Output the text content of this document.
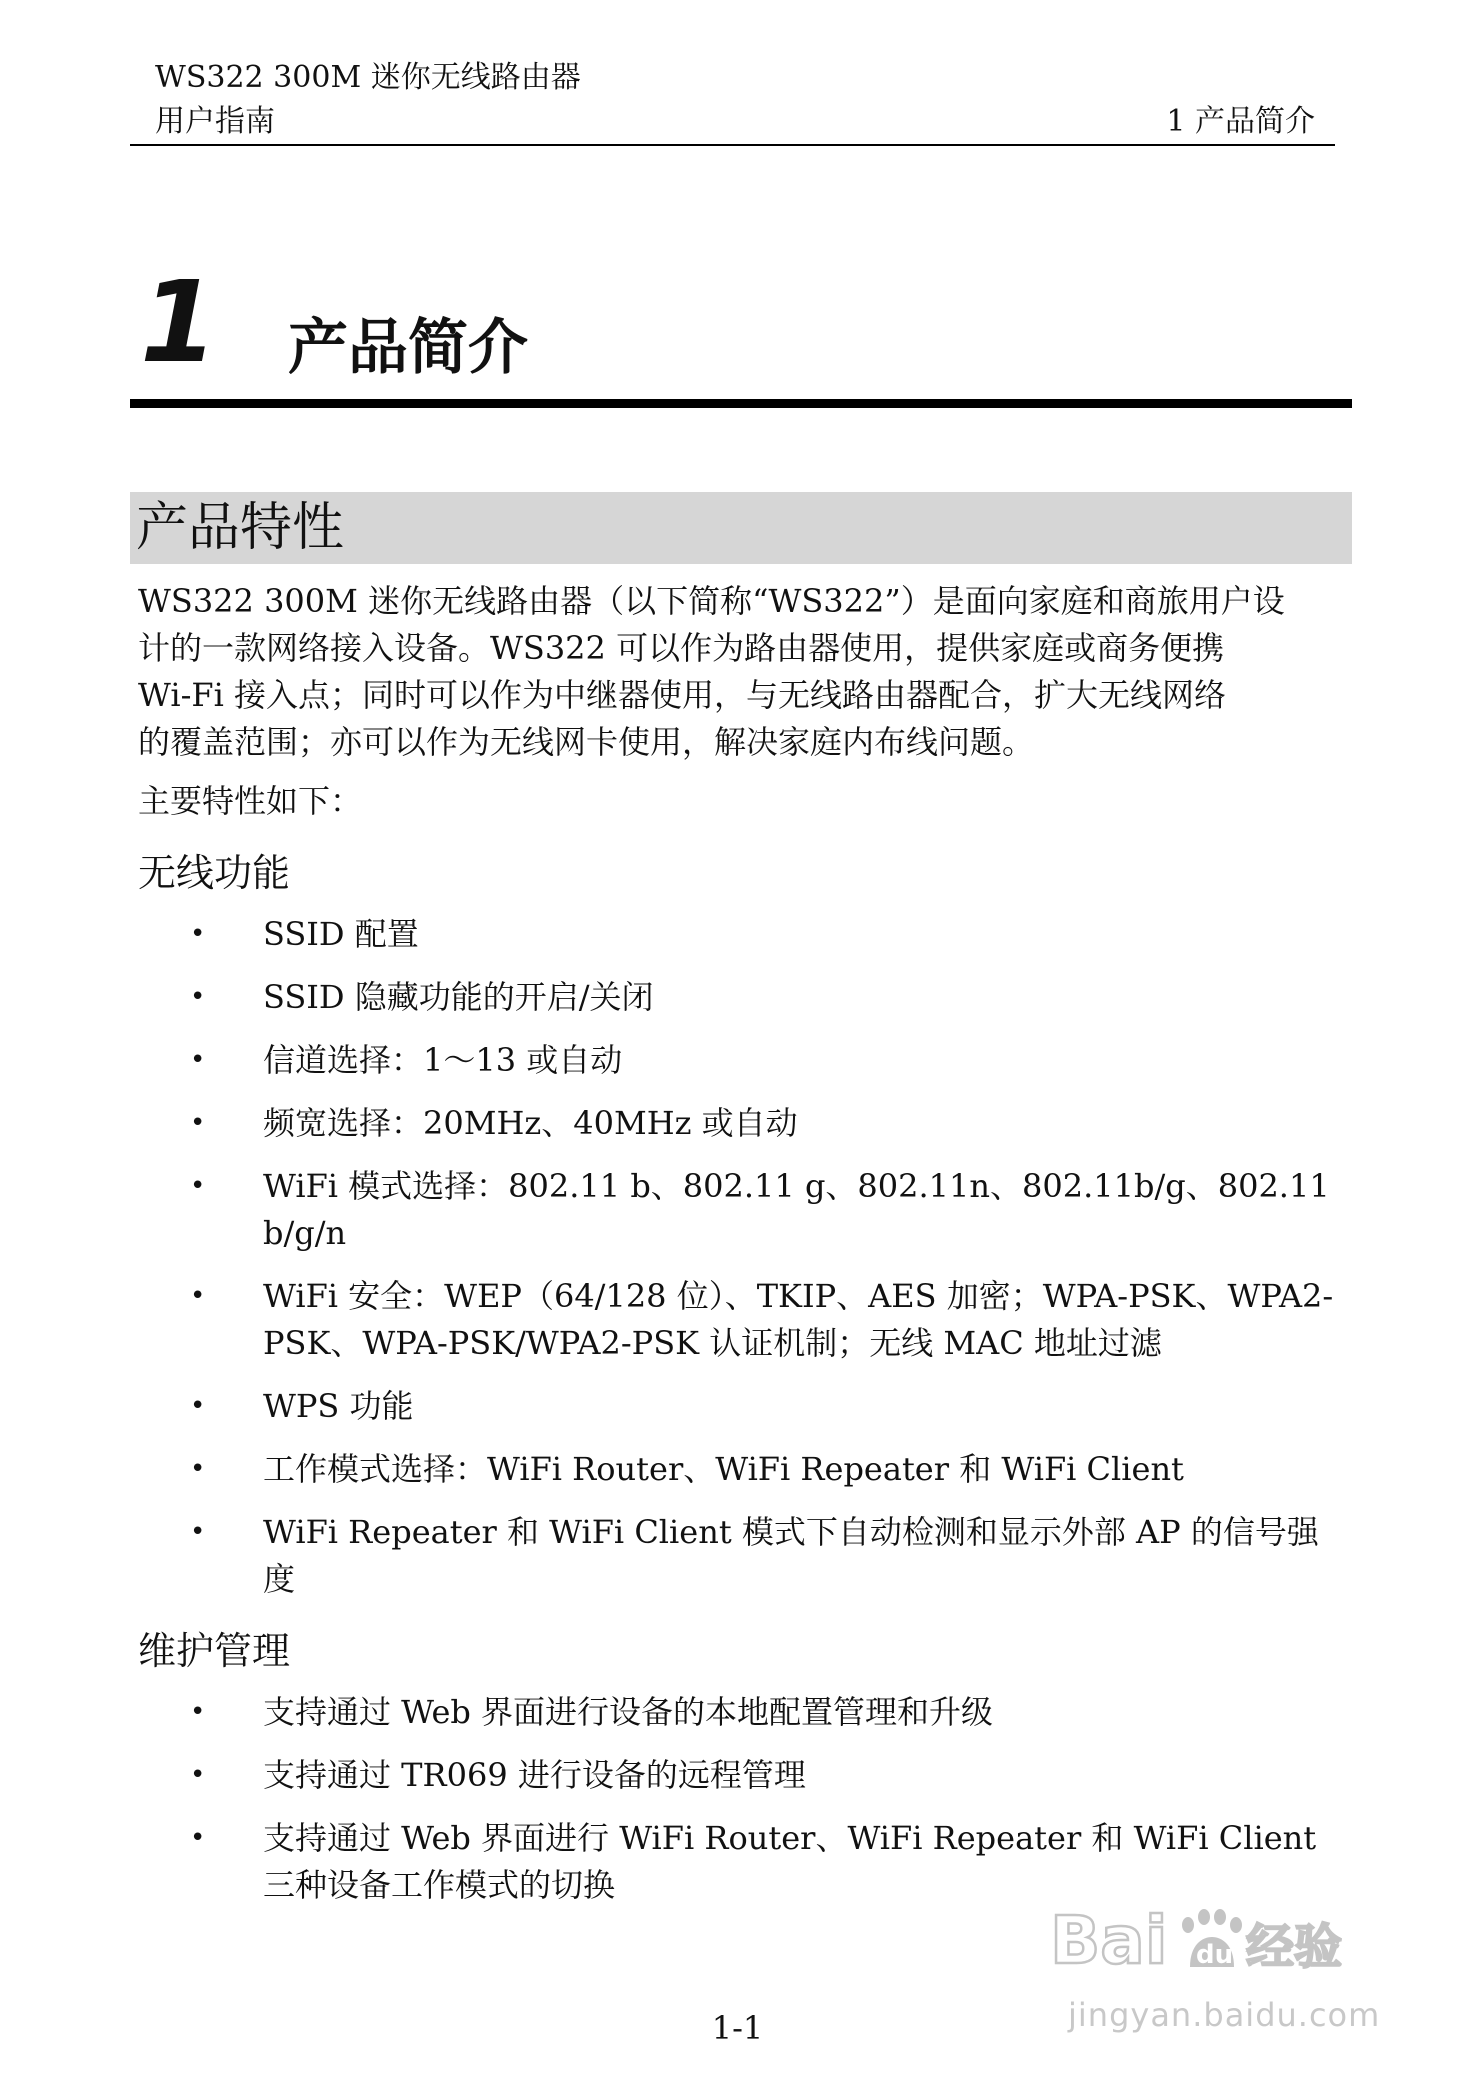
WS322 300M 迷你无线路由器
用户指南	1 产品简介
1 产品简介
产品特性

WS322 300M 迷你无线路由器（以下简称“WS322”）是面向家庭和商旅用户设

计的一款网络接入设备。WS322 可以作为路由器使用，提供家庭或商务便携

Wi-Fi 接入点；同时可以作为中继器使用，与无线路由器配合，扩大无线网络

的覆盖范围；亦可以作为无线网卡使用，解决家庭内布线问题。

主要特性如下：

无线功能
• SSID 配置
• SSID 隐藏功能的开启/关闭
• 信道选择：1～13 或自动
• 频宽选择：20MHz、40MHz 或自动
• WiFi 模式选择：802.11 b、802.11 g、802.11n、802.11b/g、802.11 b/g/n
• WiFi 安全：WEP（64/128 位）、TKIP、AES 加密；WPA-PSK、WPA2-PSK、WPA-PSK/WPA2-PSK 认证机制；无线 MAC 地址过滤
• WPS 功能
• 工作模式选择：WiFi Router、WiFi Repeater 和 WiFi Client
• WiFi Repeater 和 WiFi Client 模式下自动检测和显示外部 AP 的信号强度
维护管理
• 支持通过 Web 界面进行设备的本地配置管理和升级
• 支持通过 TR069 进行设备的远程管理
• 支持通过 Web 界面进行 WiFi Router、WiFi Repeater 和 WiFi Client 三种设备工作模式的切换
1-1
Bai du 经验
jingyan.baidu.com
